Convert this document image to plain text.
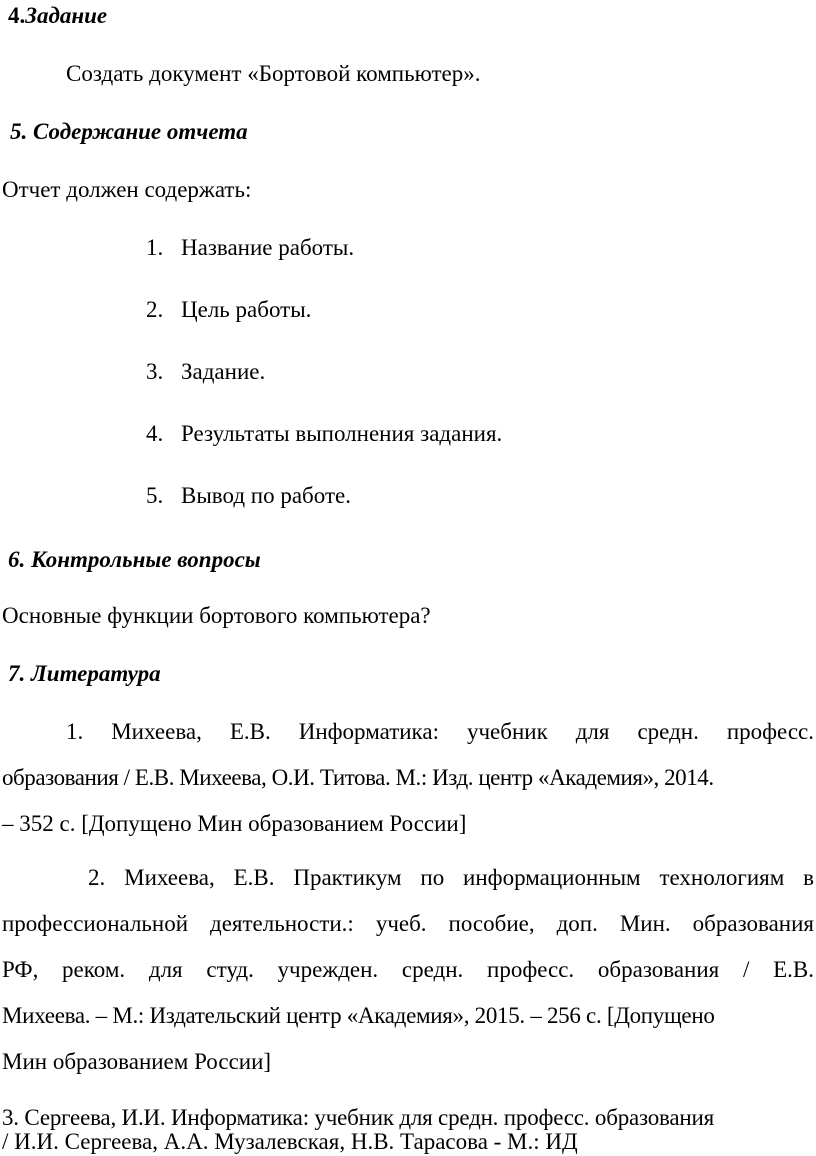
4.Задание
Создать документ «Бортовой компьютер».
5. Содержание отчета
Отчет должен содержать:
1. Название работы.
2. Цель работы.
3. Задание.
4. Результаты выполнения задания.
5. Вывод по работе.
6. Контрольные вопросы
Основные функции бортового компьютера?
7. Литература
1. Михеева, Е.В. Информатика: учебник для средн. професс.
образования / Е.В. Михеева, О.И. Титова. М.: Изд. центр «Академия», 2014.
– 352 с. [Допущено Мин образованием России]
2. Михеева, Е.В. Практикум по информационным технологиям в
профессиональной деятельности.: учеб. пособие, доп. Мин. образования
РФ, реком. для студ. учрежден. средн. професс. образования / Е.В.
Михеева. – М.: Издательский центр «Академия», 2015. – 256 с. [Допущено
Мин образованием России]
3. Сергеева, И.И. Информатика: учебник для средн. професс. образования
/ И.И. Сергеева, А.А. Музалевская, Н.В. Тарасова - М.: ИД
